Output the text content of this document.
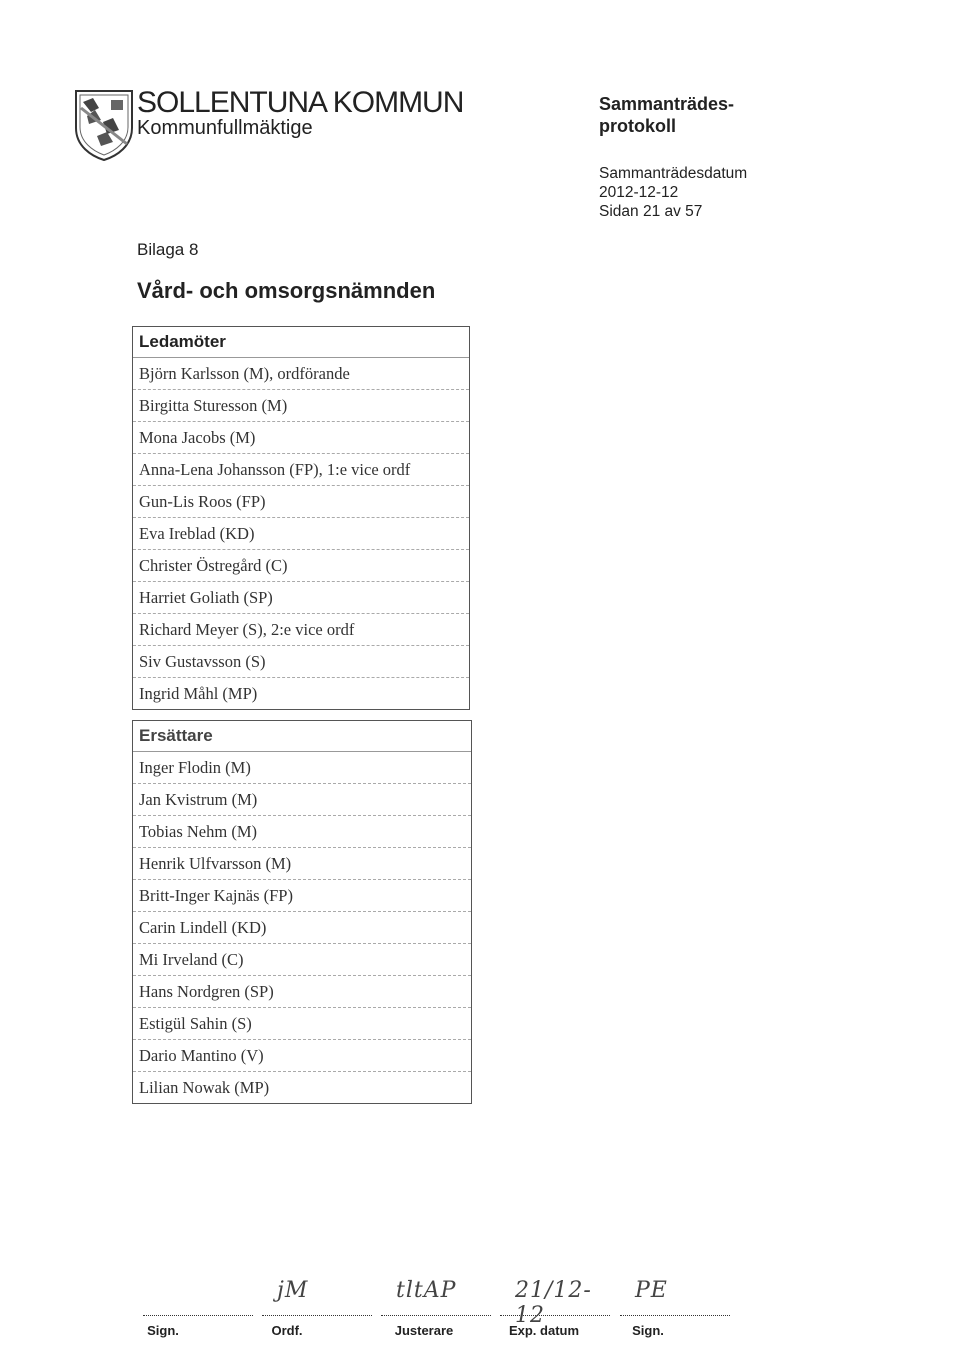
SOLLENTUNA KOMMUN
Kommunfullmäktige
Sammanträdes-
protokoll
Sammanträdesdatum
2012-12-12
Sidan 21 av 57
Bilaga 8
Vård- och omsorgsnämnden
Ledamöter
Björn Karlsson (M), ordförande
Birgitta Sturesson (M)
Mona Jacobs (M)
Anna-Lena Johansson (FP), 1:e vice ordf
Gun-Lis Roos (FP)
Eva Ireblad (KD)
Christer Östregård (C)
Harriet Goliath (SP)
Richard Meyer (S), 2:e vice ordf
Siv Gustavsson (S)
Ingrid Måhl (MP)
Ersättare
Inger Flodin (M)
Jan Kvistrum (M)
Tobias Nehm (M)
Henrik Ulfvarsson (M)
Britt-Inger Kajnäs (FP)
Carin Lindell (KD)
Mi Irveland (C)
Hans Nordgren (SP)
Estigül Sahin (S)
Dario Mantino (V)
Lilian Nowak (MP)
Sign.
jM
Ordf.
tltAP
Justerare
21/12-12
Exp. datum
PE
Sign.
